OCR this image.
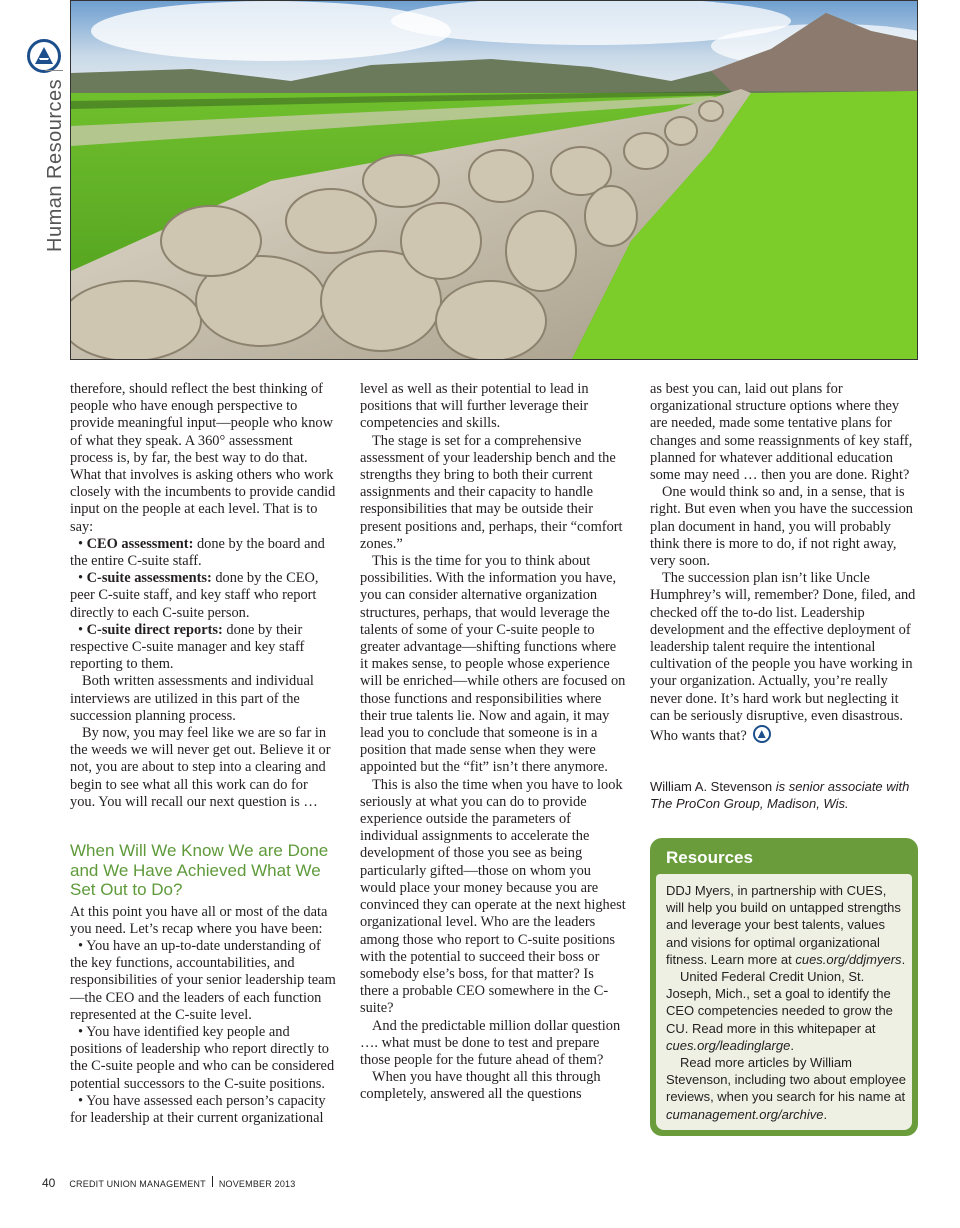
Human Resources

therefore, should reflect the best thinking of people who have enough perspective to provide meaningful input—people who know of what they speak. A 360° assessment process is, by far, the best way to do that. What that involves is asking others who work closely with the incumbents to provide candid input on the people at each level. That is to say:

• CEO assessment: done by the board and the entire C-suite staff.

• C-suite assessments: done by the CEO, peer C-suite staff, and key staff who report directly to each C-suite person.

• C-suite direct reports: done by their respective C-suite manager and key staff reporting to them.

Both written assessments and individual interviews are utilized in this part of the succession planning process.

By now, you may feel like we are so far in the weeds we will never get out. Believe it or not, you are about to step into a clearing and begin to see what all this work can do for you. You will recall our next question is …

When Will We Know We are Done and We Have Achieved What We Set Out to Do?

At this point you have all or most of the data you need. Let’s recap where you have been:

• You have an up-to-date understanding of the key functions, accountabilities, and responsibilities of your senior leadership team—the CEO and the leaders of each function represented at the C-suite level.

• You have identified key people and positions of leadership who report directly to the C-suite people and who can be considered potential successors to the C-suite positions.

• You have assessed each person’s capacity for leadership at their current organizational

level as well as their potential to lead in positions that will further leverage their competencies and skills.

The stage is set for a comprehensive assessment of your leadership bench and the strengths they bring to both their current assignments and their capacity to handle responsibilities that may be outside their present positions and, perhaps, their “comfort zones.”

This is the time for you to think about possibilities. With the information you have, you can consider alternative organization structures, perhaps, that would leverage the talents of some of your C-suite people to greater advantage—shifting functions where it makes sense, to people whose experience will be enriched—while others are focused on those functions and responsibilities where their true talents lie. Now and again, it may lead you to conclude that someone is in a position that made sense when they were appointed but the “fit” isn’t there anymore.

This is also the time when you have to look seriously at what you can do to provide experience outside the parameters of individual assignments to accelerate the development of those you see as being particularly gifted—those on whom you would place your money because you are convinced they can operate at the next highest organizational level. Who are the leaders among those who report to C-suite positions with the potential to succeed their boss or somebody else’s boss, for that matter? Is there a probable CEO somewhere in the C-suite?

And the predictable million dollar question …. what must be done to test and prepare those people for the future ahead of them?

When you have thought all this through completely, answered all the questions

as best you can, laid out plans for organizational structure options where they are needed, made some tentative plans for changes and some reassignments of key staff, planned for whatever additional education some may need … then you are done. Right?

One would think so and, in a sense, that is right. But even when you have the succession plan document in hand, you will probably think there is more to do, if not right away, very soon.

The succession plan isn’t like Uncle Humphrey’s will, remember? Done, filed, and checked off the to-do list. Leadership development and the effective deployment of leadership talent require the intentional cultivation of the people you have working in your organization. Actually, you’re really never done. It’s hard work but neglecting it can be seriously disruptive, even disastrous. Who wants that?

William A. Stevenson is senior associate with The ProCon Group, Madison, Wis.
Resources

DDJ Myers, in partnership with CUES, will help you build on untapped strengths and leverage your best talents, values and visions for optimal organizational fitness. Learn more at cues.org/ddjmyers.

United Federal Credit Union, St. Joseph, Mich., set a goal to identify the CEO competencies needed to grow the CU. Read more in this whitepaper at cues.org/leadinglarge.

Read more articles by William Stevenson, including two about employee reviews, when you search for his name at cumanagement.org/archive.

40 CREDIT UNION MANAGEMENT NOVEMBER 2013
